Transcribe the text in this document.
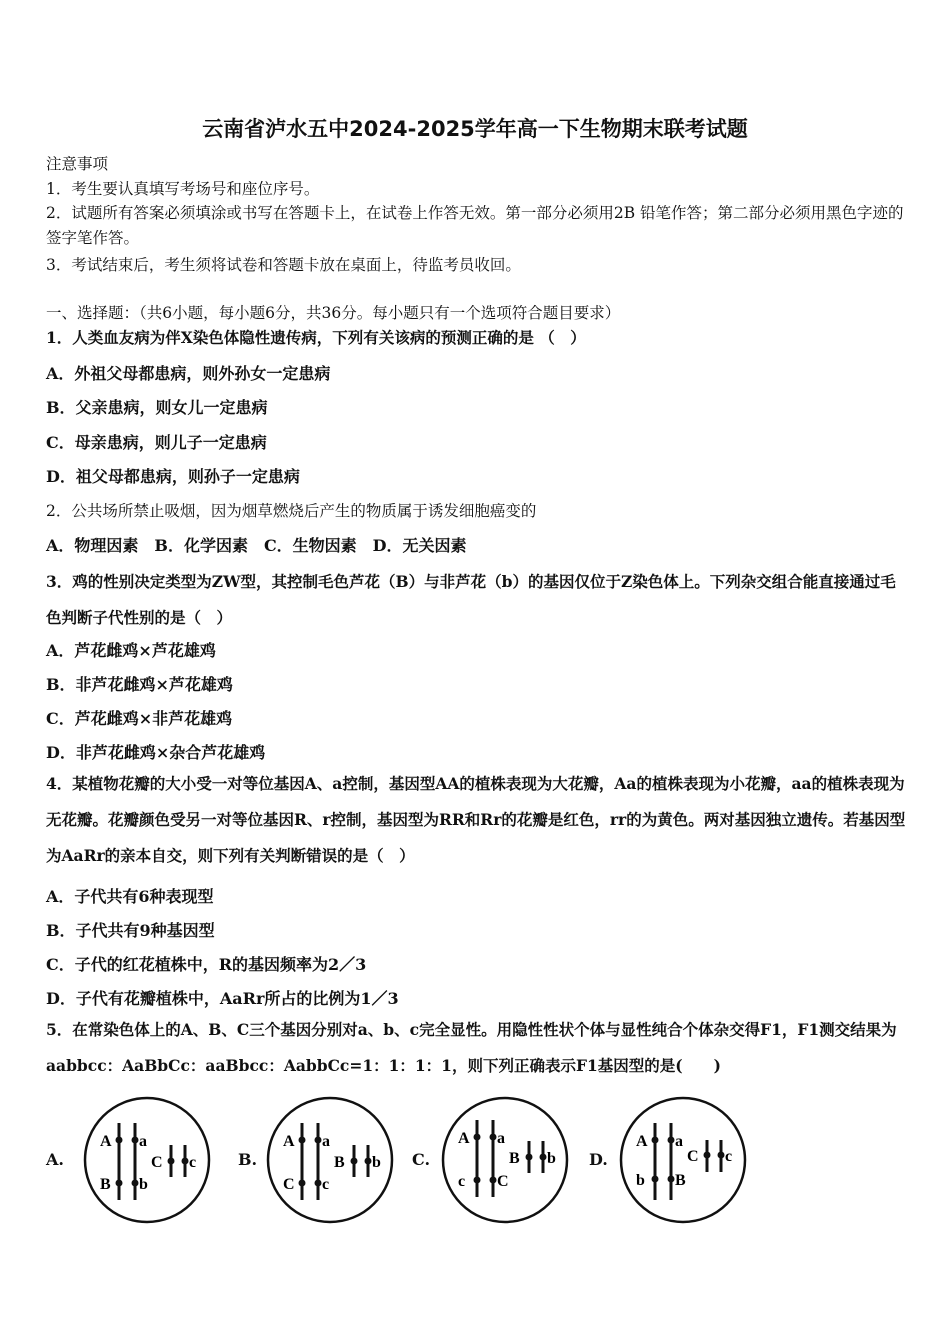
云南省泸水五中2024-2025学年高一下生物期末联考试题
注意事项
1．考生要认真填写考场号和座位序号。
2．试题所有答案必须填涂或书写在答题卡上，在试卷上作答无效。第一部分必须用2B 铅笔作答；第二部分必须用黑色字迹的签字笔作答。
3．考试结束后，考生须将试卷和答题卡放在桌面上，待监考员收回。
一、选择题：（共6小题，每小题6分，共36分。每小题只有一个选项符合题目要求）
1．人类血友病为伴X染色体隐性遗传病，下列有关该病的预测正确的是 （　）
A．外祖父母都患病，则外孙女一定患病
B．父亲患病，则女儿一定患病
C．母亲患病，则儿子一定患病
D．祖父母都患病，则孙子一定患病
2．公共场所禁止吸烟，因为烟草燃烧后产生的物质属于诱发细胞癌变的
A．物理因素　B．化学因素　C．生物因素　D．无关因素
3．鸡的性别决定类型为ZW型，其控制毛色芦花（B）与非芦花（b）的基因仅位于Z染色体上。下列杂交组合能直接通过毛色判断子代性别的是（　）
A．芦花雌鸡×芦花雄鸡
B．非芦花雌鸡×芦花雄鸡
C．芦花雌鸡×非芦花雄鸡
D．非芦花雌鸡×杂合芦花雄鸡
4．某植物花瓣的大小受一对等位基因A、a控制，基因型AA的植株表现为大花瓣，Aa的植株表现为小花瓣，aa的植株表现为无花瓣。花瓣颜色受另一对等位基因R、r控制，基因型为RR和Rr的花瓣是红色，rr的为黄色。两对基因独立遗传。若基因型为AaRr的亲本自交，则下列有关判断错误的是（　）
A．子代共有6种表现型
B．子代共有9种基因型
C．子代的红花植株中，R的基因频率为2／3
D．子代有花瓣植株中，AaRr所占的比例为1／3
5．在常染色体上的A、B、C三个基因分别对a、b、c完全显性。用隐性性状个体与显性纯合个体杂交得F1，F1测交结果为aabbcc：AaBbCc：aaBbcc：AabbCc=1：1：1：1，则下列正确表示F1基因型的是(　　)
A.
A a
B b
C c	B.
A a
C c
B b C.
A a
c C
B b D.
A a
b B
C c
